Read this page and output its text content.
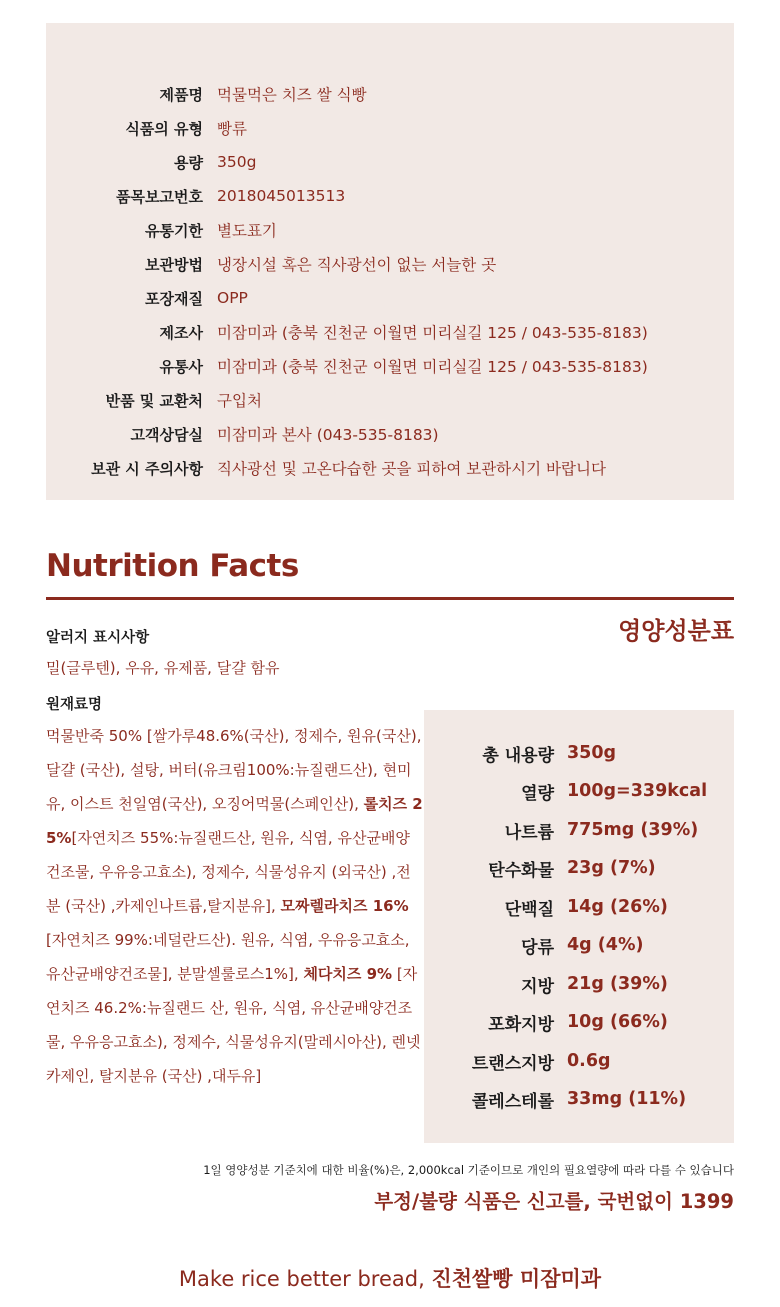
제품명 먹물먹은 치즈 쌀 식빵
식품의 유형 빵류
용량 350g
품목보고번호 2018045013513
유통기한 별도표기
보관방법 냉장시설 혹은 직사광선이 없는 서늘한 곳
포장재질 OPP
제조사 미잠미과 (충북 진천군 이월면 미리실길 125 / 043-535-8183)
유통사 미잠미과 (충북 진천군 이월면 미리실길 125 / 043-535-8183)
반품 및 교환처 구입처
고객상담실 미잠미과 본사 (043-535-8183)
보관 시 주의사항 직사광선 및 고온다습한 곳을 피하여 보관하시기 바랍니다
Nutrition Facts
영양성분표
알러지 표시사항
밀(글루텐), 우유, 유제품, 달걀 함유
원재료명
먹물반죽 50% [쌀가루48.6%(국산), 정제수, 원유(국산), 달걀 (국산), 설탕, 버터(유크림100%:뉴질랜드산), 현미유, 이스트 천일염(국산), 오징어먹물(스페인산), 롤치즈 25%[자연치즈 55%:뉴질랜드산, 원유, 식염, 유산균배양건조물, 우유응고효소), 정제수, 식물성유지 (외국산) ,전분 (국산) ,카제인나트륨,탈지분유], 모짜렐라치즈 16%[자연치즈 99%:네덜란드산). 원유, 식염, 우유응고효소, 유산균배양건조물], 분말셀룰로스1%], 체다치즈 9% [자연치즈 46.2%:뉴질랜드 산, 원유, 식염, 유산균배양건조물, 우유응고효소), 정제수, 식물성유지(말레시아산), 렌넷카제인, 탈지분유 (국산) ,대두유]
총 내용량 350g
열량 100g=339kcal
나트륨 775mg (39%)
탄수화물 23g (7%)
단백질 14g (26%)
당류 4g (4%)
지방 21g (39%)
포화지방 10g (66%)
트랜스지방 0.6g
콜레스테롤 33mg (11%)
1일 영양성분 기준치에 대한 비율(%)은, 2,000kcal 기준이므로 개인의 필요열량에 따라 다를 수 있습니다
부정/불량 식품은 신고를, 국번없이 1399
Make rice better bread, 진천쌀빵 미잠미과
